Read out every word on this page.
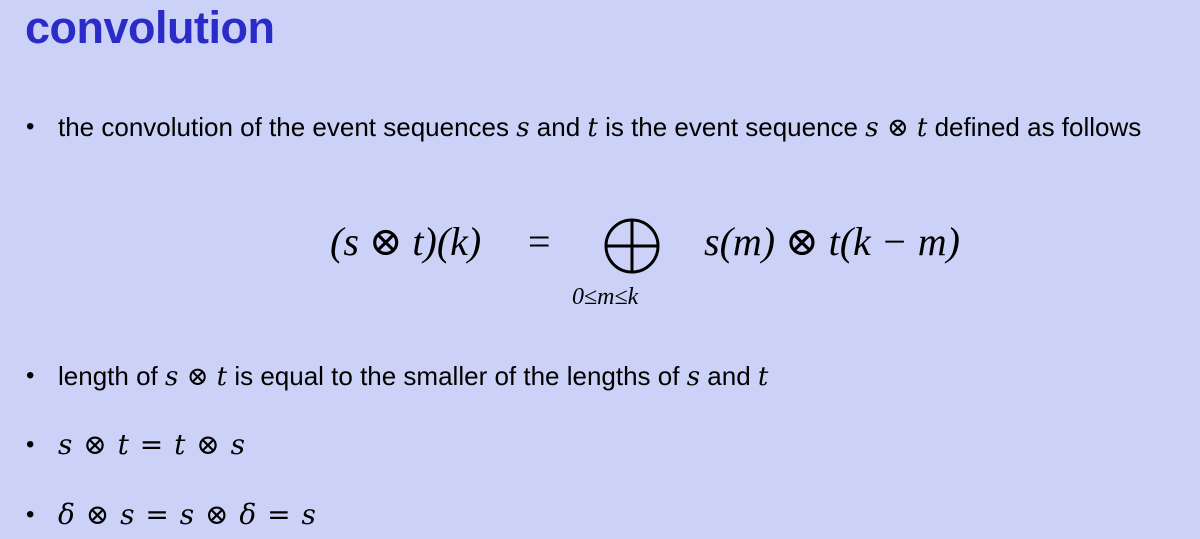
convolution
• the convolution of the event sequences s and t is the event sequence s ⊗ t defined as follows
(s ⊗ t)(k) =
0≤m≤k
s(m) ⊗ t(k − m)
• length of s ⊗ t is equal to the smaller of the lengths of s and t
• s ⊗ t = t ⊗ s
• δ ⊗ s = s ⊗ δ = s
